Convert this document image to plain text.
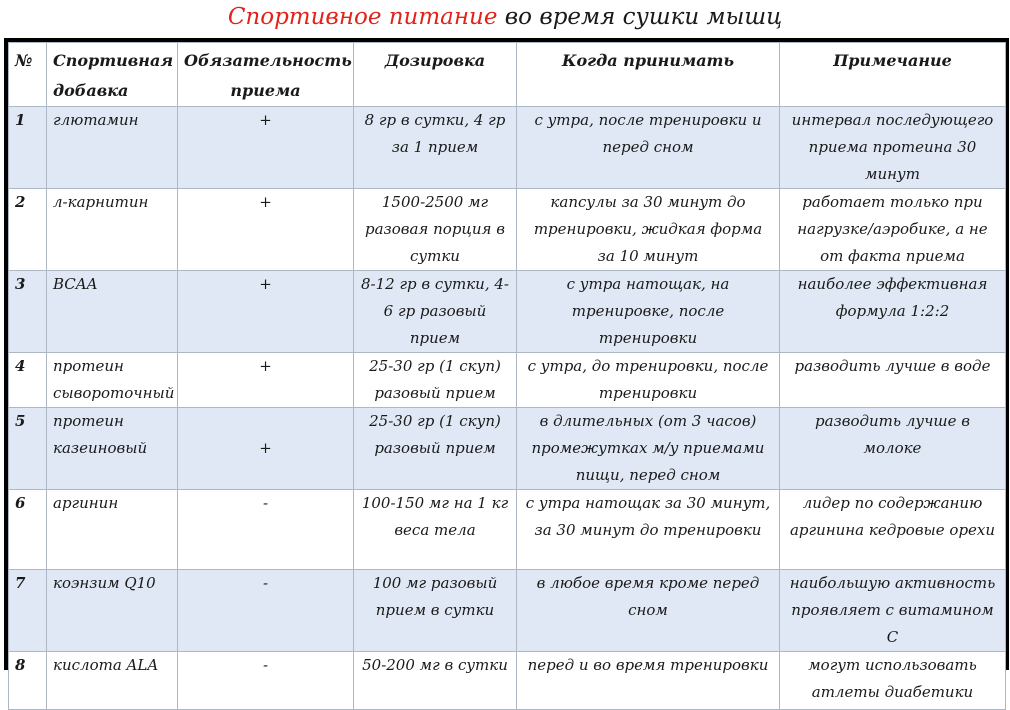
Спортивное питание во время сушки мышц
№	Спортивная добавка	Обязательность приема	Дозировка	Когда принимать	Примечание
1	глютамин	+	8 гр в сутки, 4 гр за 1 прием	с утра, после тренировки и перед сном	интервал последующего приема протеина 30 минут
2	л-карнитин	+	1500-2500 мг разовая порция в сутки	капсулы за 30 минут до тренировки, жидкая форма за 10 минут	работает только при нагрузке/аэробике, а не от факта приема
3	BCAA	+	8-12 гр в сутки, 4-6 гр разовый прием	с утра натощак, на тренировке, после тренировки	наиболее эффективная формула 1:2:2
4	протеин сывороточный	+	25-30 гр (1 скуп) разовый прием	с утра, до тренировки, после тренировки	разводить лучше в воде
5	протеин казеиновый	+	25-30 гр (1 скуп) разовый прием	в длительных (от 3 часов) промежутках м/у приемами пищи, перед сном	разводить лучше в молоке
6	аргинин	-	100-150 мг на 1 кг веса тела	с утра натощак за 30 минут, за 30 минут до тренировки	лидер по содержанию аргинина кедровые орехи
7	коэнзим Q10	-	100 мг разовый прием в сутки	в любое время кроме перед сном	наибольшую активность проявляет с витамином С
8	кислота ALA	-	50-200 мг в сутки	перед и во время тренировки	могут использовать атлеты диабетики
